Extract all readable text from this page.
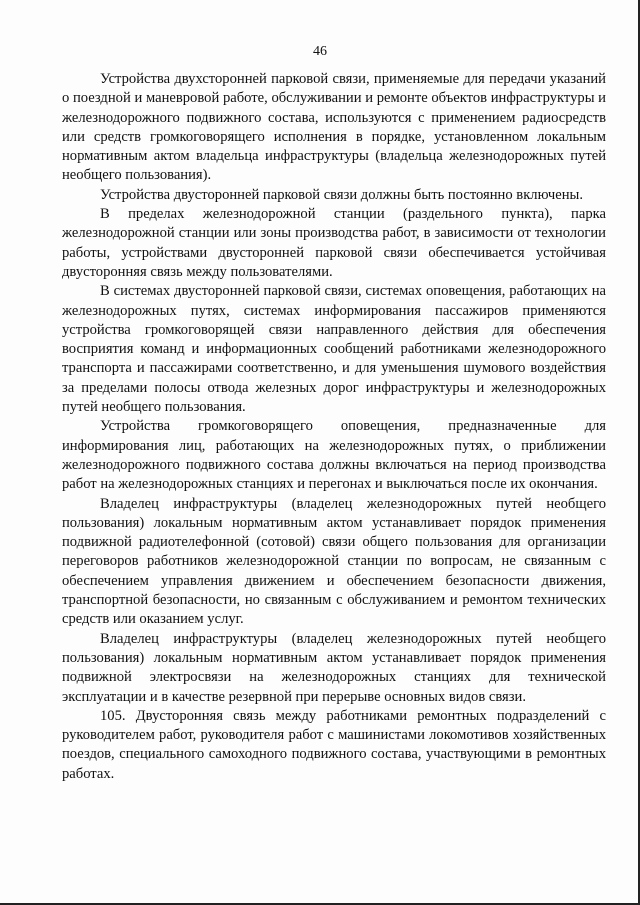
46

Устройства двухсторонней парковой связи, применяемые для передачи указаний о поездной и маневровой работе, обслуживании и ремонте объектов инфраструктуры и железнодорожного подвижного состава, используются с применением радиосредств или средств громкоговорящего исполнения в порядке, установленном локальным нормативным актом владельца инфраструктуры (владельца железнодорожных путей необщего пользования).

Устройства двусторонней парковой связи должны быть постоянно включены.

В пределах железнодорожной станции (раздельного пункта), парка железнодорожной станции или зоны производства работ, в зависимости от технологии работы, устройствами двусторонней парковой связи обеспечивается устойчивая двусторонняя связь между пользователями.

В системах двусторонней парковой связи, системах оповещения, работающих на железнодорожных путях, системах информирования пассажиров применяются устройства громкоговорящей связи направленного действия для обеспечения восприятия команд и информационных сообщений работниками железнодорожного транспорта и пассажирами соответственно, и для уменьшения шумового воздействия за пределами полосы отвода железных дорог инфраструктуры и железнодорожных путей необщего пользования.

Устройства громкоговорящего оповещения, предназначенные для информирования лиц, работающих на железнодорожных путях, о приближении железнодорожного подвижного состава должны включаться на период производства работ на железнодорожных станциях и перегонах и выключаться после их окончания.

Владелец инфраструктуры (владелец железнодорожных путей необщего пользования) локальным нормативным актом устанавливает порядок применения подвижной радиотелефонной (сотовой) связи общего пользования для организации переговоров работников железнодорожной станции по вопросам, не связанным с обеспечением управления движением и обеспечением безопасности движения, транспортной безопасности, но связанным с обслуживанием и ремонтом технических средств или оказанием услуг.

Владелец инфраструктуры (владелец железнодорожных путей необщего пользования) локальным нормативным актом устанавливает порядок применения подвижной электросвязи на железнодорожных станциях для технической эксплуатации и в качестве резервной при перерыве основных видов связи.

105. Двусторонняя связь между работниками ремонтных подразделений с руководителем работ, руководителя работ с машинистами локомотивов хозяйственных поездов, специального самоходного подвижного состава, участвующими в ремонтных работах.
